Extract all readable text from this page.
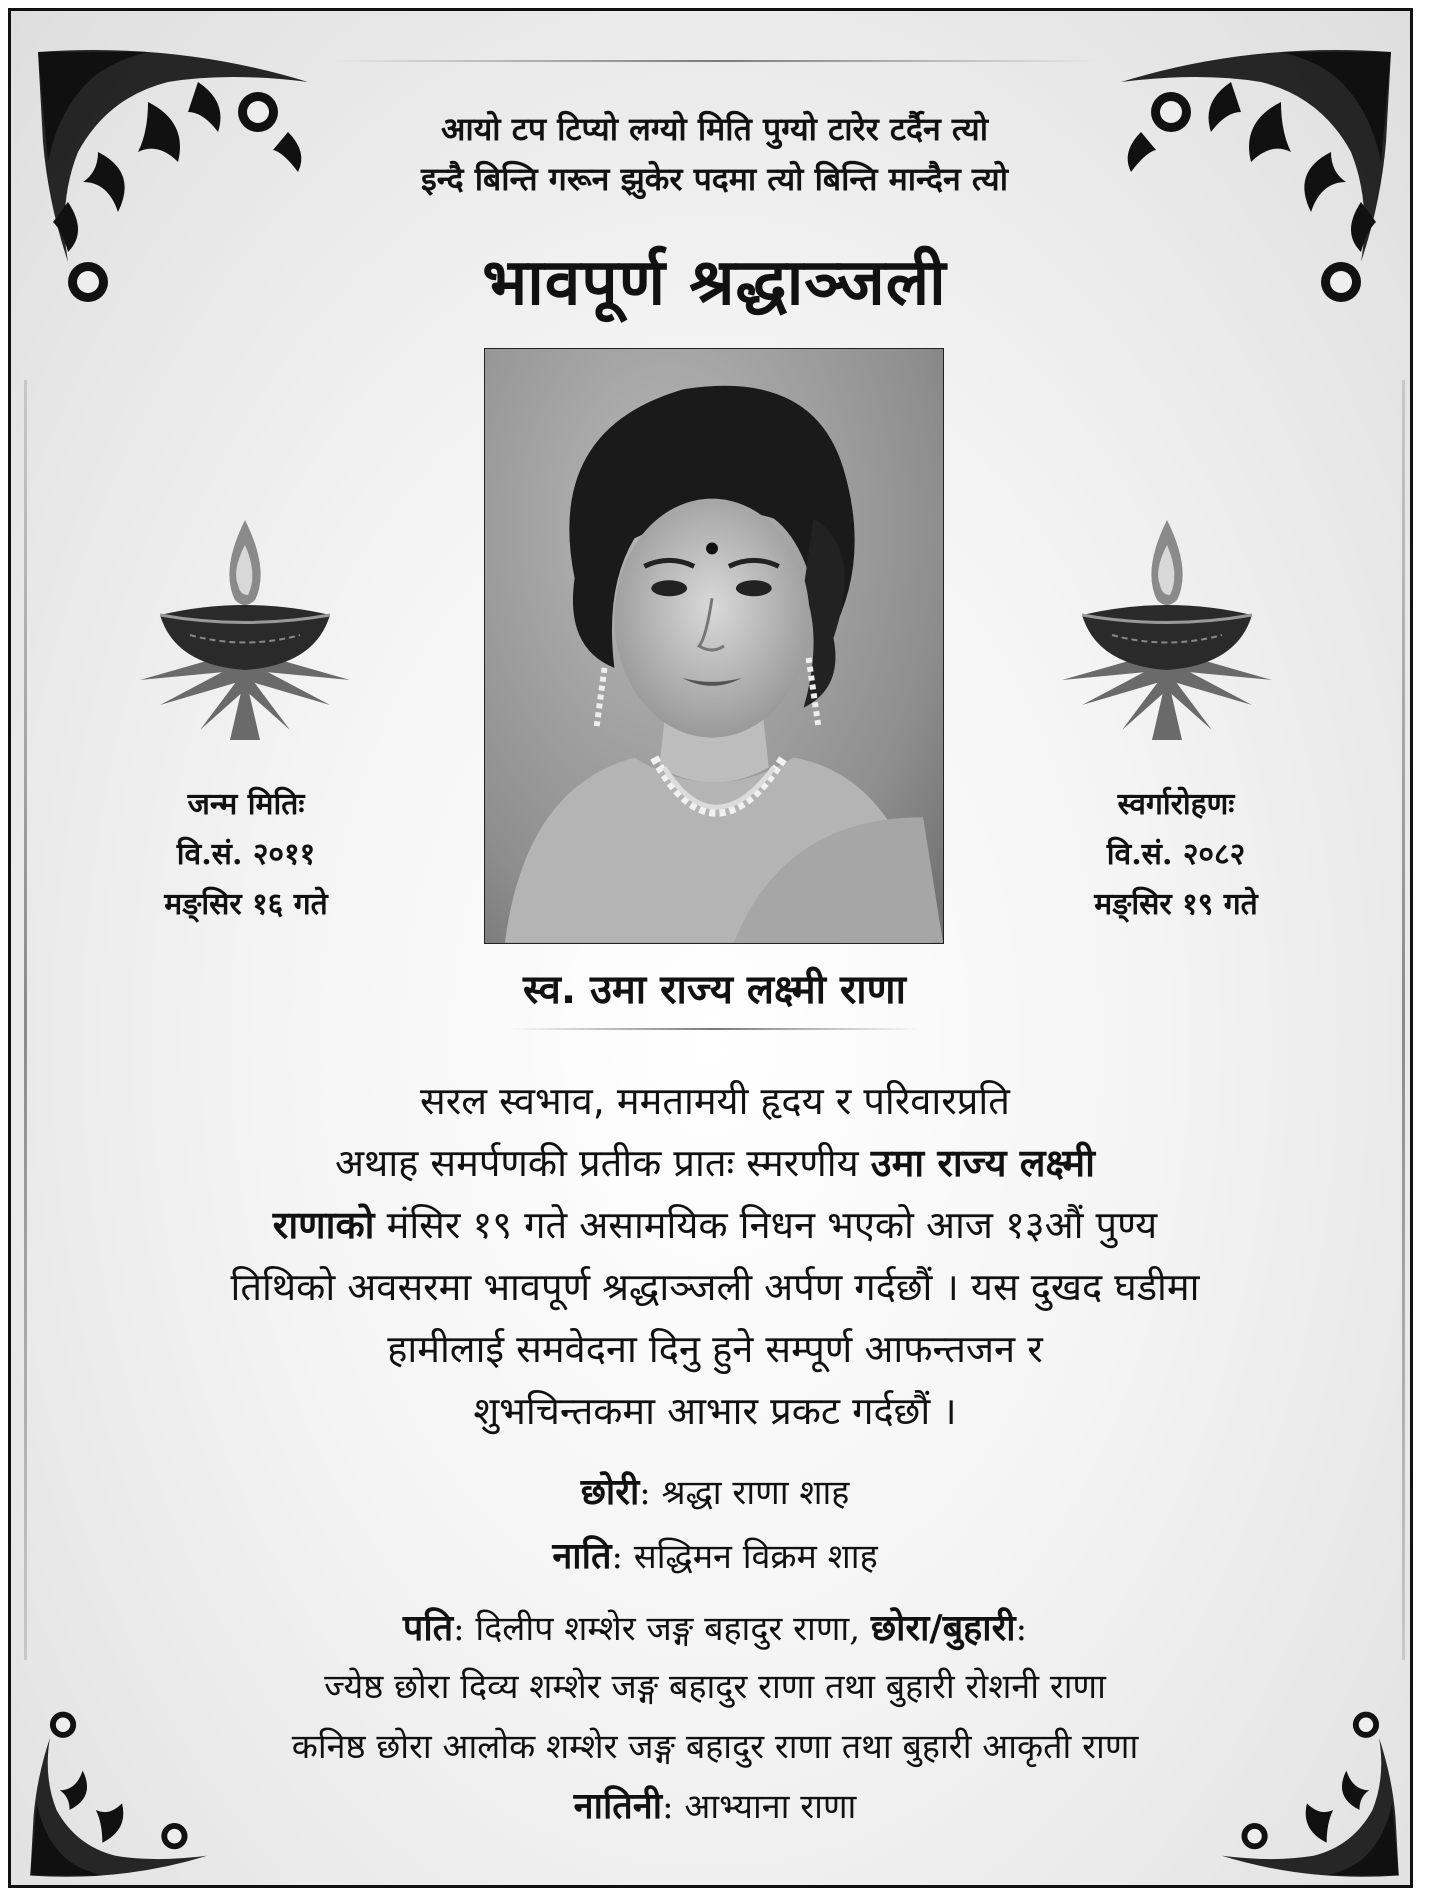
आयो टप टिप्यो लग्यो मिति पुग्यो टारेर टर्दैन त्यो
इन्दै बिन्ति गरून झुकेर पदमा त्यो बिन्ति मान्दैन त्यो
भावपूर्ण श्रद्धाञ्जली
जन्म मितिः
वि.सं. २०११
मङ्सिर १६ गते
स्वर्गारोहणः
वि.सं. २०८२
मङ्सिर १९ गते
स्व. उमा राज्य लक्ष्मी राणा
सरल स्वभाव, ममतामयी हृदय र परिवारप्रति
अथाह समर्पणकी प्रतीक प्रातः स्मरणीय उमा राज्य लक्ष्मी
राणाको मंसिर १९ गते असामयिक निधन भएको आज १३औं पुण्य
तिथिको अवसरमा भावपूर्ण श्रद्धाञ्जली अर्पण गर्दछौं । यस दुखद घडीमा
हामीलाई समवेदना दिनु हुने सम्पूर्ण आफन्तजन र
शुभचिन्तकमा आभार प्रकट गर्दछौं ।
छोरी: श्रद्धा राणा शाह
नाति: सद्धिमन विक्रम शाह
पति: दिलीप शम्शेर जङ्ग बहादुर राणा, छोरा/बुहारी:
ज्येष्ठ छोरा दिव्य शम्शेर जङ्ग बहादुर राणा तथा बुहारी रोशनी राणा
कनिष्ठ छोरा आलोक शम्शेर जङ्ग बहादुर राणा तथा बुहारी आकृती राणा
नातिनी: आभ्याना राणा
